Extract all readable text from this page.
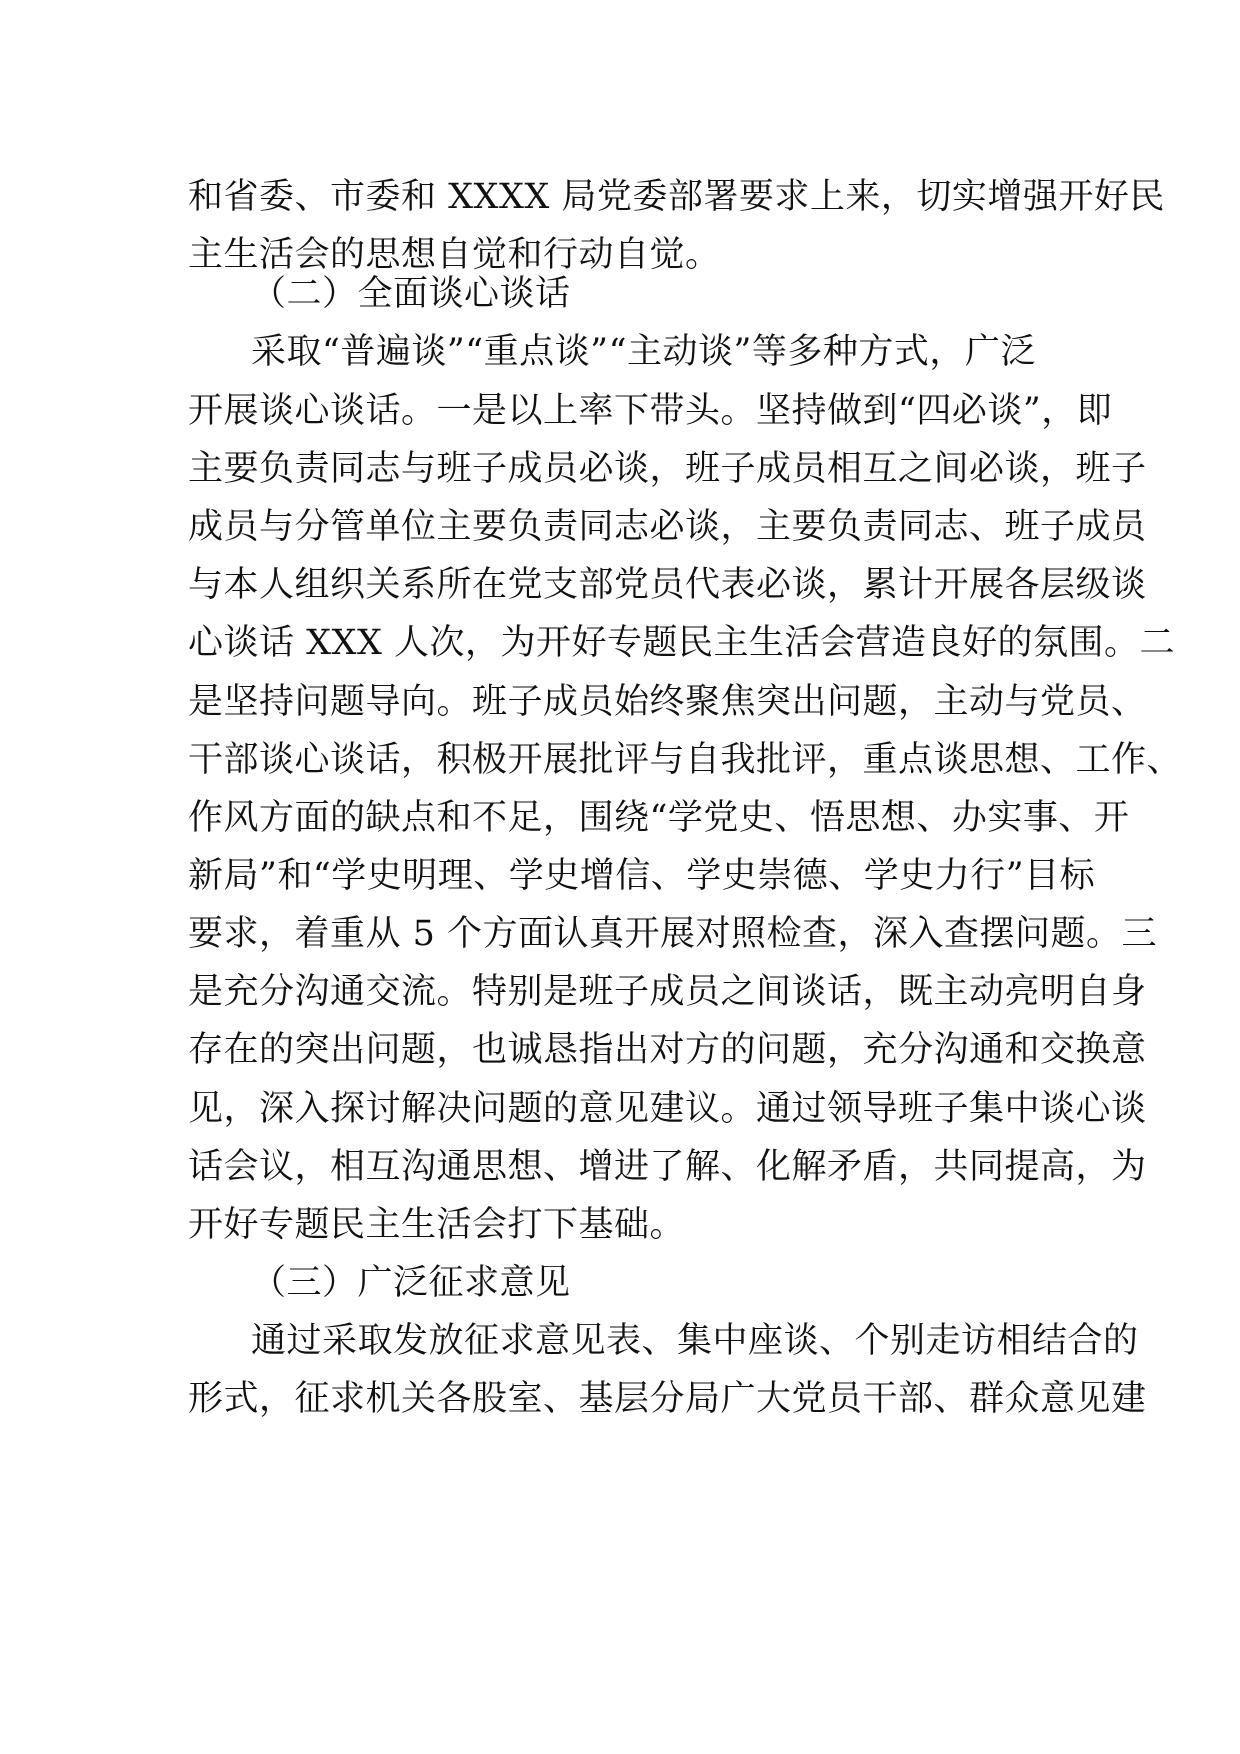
和省委、市委和 XXXX 局党委部署要求上来，切实增强开好民
主生活会的思想自觉和行动自觉。
（二）全面谈心谈话
采取“普遍谈”“重点谈”“主动谈”等多种方式，广泛
开展谈心谈话。一是以上率下带头。坚持做到“四必谈”，即
主要负责同志与班子成员必谈，班子成员相互之间必谈，班子
成员与分管单位主要负责同志必谈，主要负责同志、班子成员
与本人组织关系所在党支部党员代表必谈，累计开展各层级谈
心谈话 XXX 人次，为开好专题民主生活会营造良好的氛围。二
是坚持问题导向。班子成员始终聚焦突出问题，主动与党员、
干部谈心谈话，积极开展批评与自我批评，重点谈思想、工作、
作风方面的缺点和不足，围绕“学党史、悟思想、办实事、开
新局”和“学史明理、学史增信、学史崇德、学史力行”目标
要求，着重从 5 个方面认真开展对照检查，深入查摆问题。三
是充分沟通交流。特别是班子成员之间谈话，既主动亮明自身
存在的突出问题，也诚恳指出对方的问题，充分沟通和交换意
见，深入探讨解决问题的意见建议。通过领导班子集中谈心谈
话会议，相互沟通思想、增进了解、化解矛盾，共同提高，为
开好专题民主生活会打下基础。
（三）广泛征求意见
通过采取发放征求意见表、集中座谈、个别走访相结合的
形式，征求机关各股室、基层分局广大党员干部、群众意见建
